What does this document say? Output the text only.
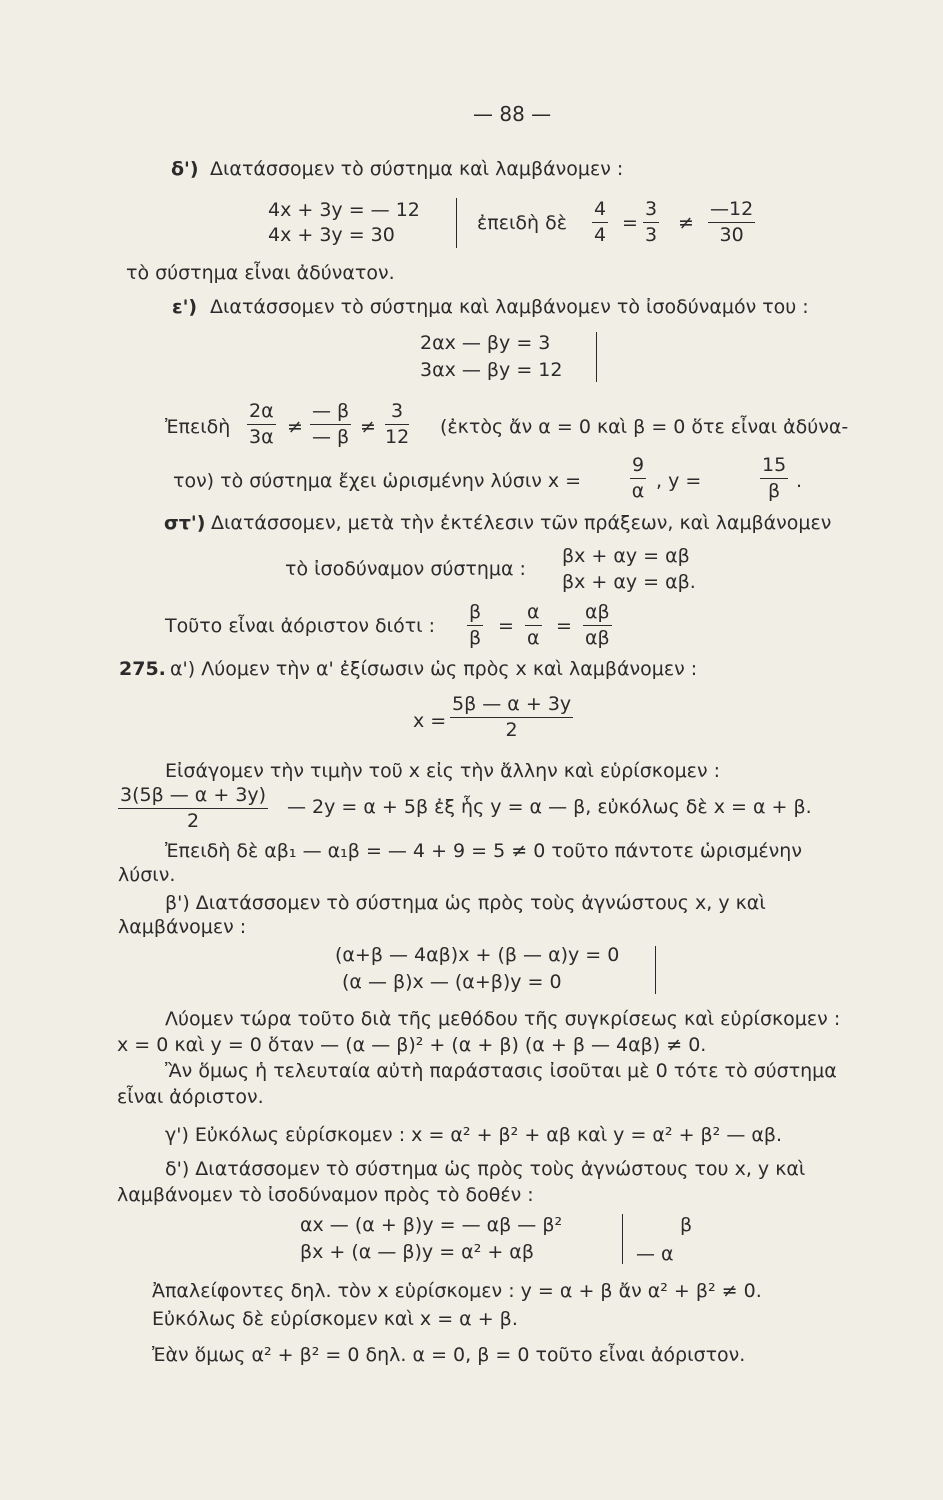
— 88 —
δ') Διατάσσομεν τὸ σύστημα καὶ λαμβάνομεν :
4x + 3y = — 12
4x + 3y = 30
ἐπειδὴ δὲ $\frac{4}{4} = \frac{3}{3} \ne \frac{—12}{30}$
τὸ σύστημα εἶναι ἀδύνατον.
ε') Διατάσσομεν τὸ σύστημα καὶ λαμβάνομεν τὸ ἰσοδύναμόν του :
2αx — βy = 3
3αx — βy = 12
Ἐπειδὴ $\frac{2\alpha}{3\alpha} \ne \frac{— \beta}{— \beta} \ne \frac{3}{12}$ (ἐκτὸς ἄν α = 0 καὶ β = 0 ὅτε εἶναι ἀδύνα-
τον) τὸ σύστημα ἔχει ὡρισμένην λύσιν x =	$\frac{9}{\alpha}$ , y =	$\frac{15}{\beta}$ .
στ') Διατάσσομεν, μετὰ τὴν ἐκτέλεσιν τῶν πράξεων, καὶ λαμβάνομεν
τὸ ἰσοδύναμον σύστημα :
βx + αy = αβ
βx + αy = αβ.
Τοῦτο εἶναι ἀόριστον διότι : $\frac{\beta}{\beta} = \frac{\alpha}{\alpha} = \frac{\alpha\beta}{\alpha\beta}$
275. α') Λύομεν τὴν α' ἐξίσωσιν ὡς πρὸς x καὶ λαμβάνομεν :
$x = \frac{5\beta — \alpha + 3y}{2}$
Εἰσάγομεν τὴν τιμὴν τοῦ x εἰς τὴν ἄλλην καὶ εὑρίσκομεν :
$\frac{3(5\beta — \alpha + 3y)}{2}$ — 2y = α + 5β ἐξ ἧς y = α — β, εὐκόλως δὲ x = α + β.
Ἐπειδὴ δὲ αβ₁ — α₁β = — 4 + 9 = 5 ≠ 0 τοῦτο πάντοτε ὡρισμένην
λύσιν.
β') Διατάσσομεν τὸ σύστημα ὡς πρὸς τοὺς ἀγνώστους x, y καὶ
λαμβάνομεν :
(α+β — 4αβ)x + (β — α)y = 0
(α — β)x — (α+β)y = 0
Λύομεν τώρα τοῦτο διὰ τῆς μεθόδου τῆς συγκρίσεως καὶ εὑρίσκομεν :
x = 0 καὶ y = 0 ὅταν — (α — β)² + (α + β) (α + β — 4αβ) ≠ 0.
Ἂν ὅμως ἡ τελευταία αὐτὴ παράστασις ἰσοῦται μὲ 0 τότε τὸ σύστημα
εἶναι ἀόριστον.
γ') Εὐκόλως εὑρίσκομεν : x = α² + β² + αβ καὶ y = α² + β² — αβ.
δ') Διατάσσομεν τὸ σύστημα ὡς πρὸς τοὺς ἀγνώστους του x, y καὶ
λαμβάνομεν τὸ ἰσοδύναμον πρὸς τὸ δοθέν :
αx — (α + β)y = — αβ — β²
βx + (α — β)y = α² + αβ
β
— α
Ἀπαλείφοντες δηλ. τὸν x εὑρίσκομεν : y = α + β ἄν α² + β² ≠ 0.
Εὐκόλως δὲ εὑρίσκομεν καὶ x = α + β.
Ἐὰν ὅμως α² + β² = 0 δηλ. α = 0, β = 0 τοῦτο εἶναι ἀόριστον.
